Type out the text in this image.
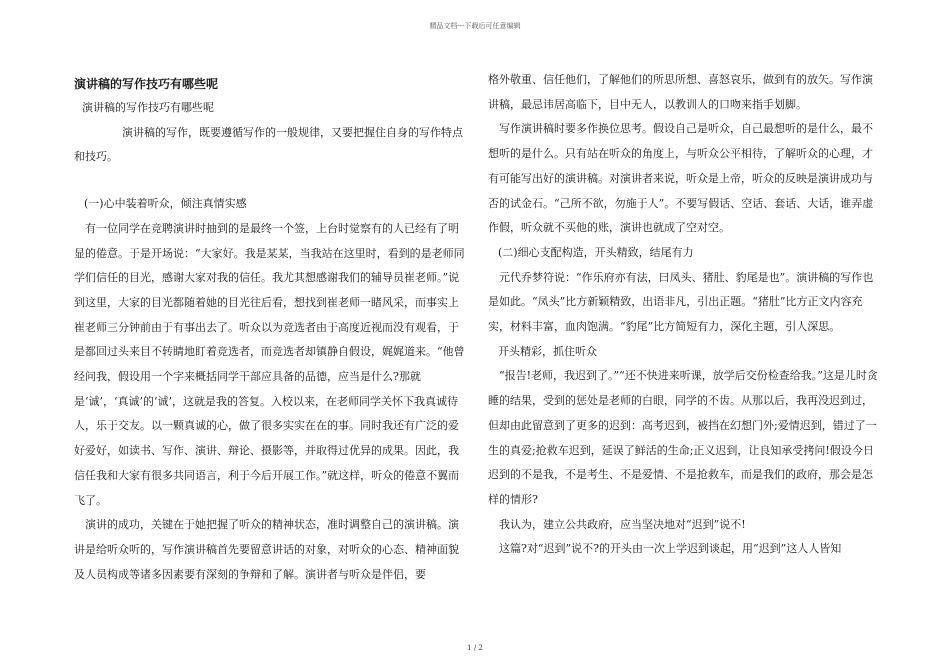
精品文档---下载后可任意编辑
演讲稿的写作技巧有哪些呢

演讲稿的写作技巧有哪些呢

演讲稿的写作，既要遵循写作的一般规律，又要把握住自身的写作特点和技巧。

(一)心中装着听众，倾注真情实感

有一位同学在竞聘演讲时抽到的是最终一个签，上台时觉察有的人已经有了明显的倦意。于是开场说：“大家好。我是某某，当我站在这里时，看到的是老师同学们信任的目光，感谢大家对我的信任。我尤其想感谢我们的辅导员崔老师。”说到这里，大家的目光都随着她的目光往后看，想找到崔老师一睹风采，而事实上崔老师三分钟前由于有事出去了。听众以为竞选者由于高度近视而没有观看，于是都回过头来目不转睛地盯着竞选者，而竞选者却镇静自假设，娓娓道来。“他曾经问我，假设用一个字来概括同学干部应具备的品德，应当是什么?那就是‘诚’，‘真诚’的‘诚’，这就是我的答复。入校以来，在老师同学关怀下我真诚待人，乐于交友。以一颗真诚的心，做了很多实实在在的事。同时我还有广泛的爱好爱好，如读书、写作、演讲、辩论、摄影等，并取得过优异的成果。因此，我信任我和大家有很多共同语言，利于今后开展工作。”就这样，听众的倦意不翼而飞了。

演讲的成功，关键在于她把握了听众的精神状态，准时调整自己的演讲稿。演讲是给听众听的，写作演讲稿首先要留意讲话的对象，对听众的心态、精神面貌及人员构成等诸多因素要有深刻的争辩和了解。演讲者与听众是伴侣，要

格外敬重、信任他们，了解他们的所思所想、喜怒哀乐，做到有的放矢。写作演讲稿，最忌讳居高临下，目中无人，以教训人的口吻来指手划脚。

写作演讲稿时要多作换位思考。假设自己是听众，自己最想听的是什么，最不想听的是什么。只有站在听众的角度上，与听众公平相待，了解听众的心理，才有可能写出好的演讲稿。对演讲者来说，听众是上帝，听众的反映是演讲成功与否的试金石。“己所不欲，勿施于人”。不要写假话、空话、套话、大话，谁弄虚作假，听众就不买他的账，演讲也就成了空对空。

(二)细心支配构造，开头精致，结尾有力

元代乔梦符说：“作乐府亦有法，曰凤头、猪肚、豹尾是也”。演讲稿的写作也是如此。“凤头”比方新颖精致，出语非凡，引出正题。“猪肚”比方正文内容充实，材料丰富，血肉饱满。“豹尾”比方简短有力，深化主题，引人深思。

开头精彩，抓住听众

“报告!老师，我迟到了。”“还不快进来听课，放学后交份检查给我。”这是儿时贪睡的结果，受到的惩处是老师的白眼，同学的不齿。从那以后，我再没迟到过，但却由此留意到了更多的迟到：高考迟到，被挡在幻想门外;爱情迟到，错过了一生的真爱;抢救车迟到，延误了鲜活的生命;正义迟到，让良知承受拷问!假设今日迟到的不是我，不是考生、不是爱情、不是抢救车，而是我们的政府，那会是怎样的情形?

我认为，建立公共政府，应当坚决地对“迟到”说不!

这篇?对“迟到”说不?的开头由一次上学迟到谈起，用“迟到”这人人皆知

1 / 2
